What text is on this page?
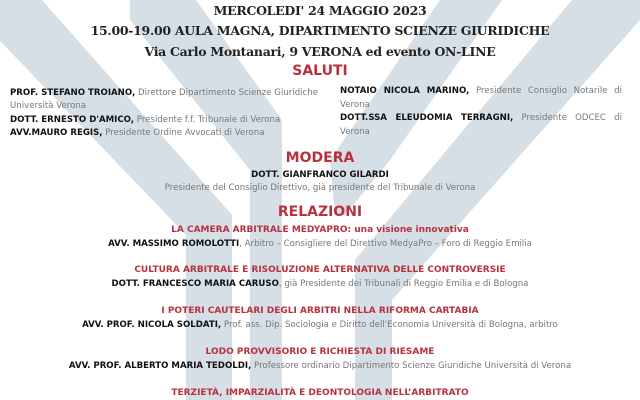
MERCOLEDI' 24 MAGGIO 2023
15.00-19.00 AULA MAGNA, DIPARTIMENTO SCIENZE GIURIDICHE
Via Carlo Montanari, 9 VERONA ed evento ON-LINE
SALUTI
PROF. STEFANO TROIANO, Direttore Dipartimento Scienze Giuridiche
Università Verona
DOTT. ERNESTO D'AMICO, Presidente f.f. Tribunale di Verona
AVV.MAURO REGIS, Presidente Ordine Avvocati di Verona
NOTAIO NICOLA MARINO, Presidente Consiglio Notarile di Verona
DOTT.SSA ELEUDOMIA TERRAGNI, Presidente ODCEC di Verona
MODERA
DOTT. GIANFRANCO GILARDI
Presidente del Consiglio Direttivo, già presidente del Tribunale di Verona
RELAZIONI
LA CAMERA ARBITRALE MEDYAPRO: una visione innovativa
AVV. MASSIMO ROMOLOTTI, Arbitro – Consigliere del Direttivo MedyaPro – Foro di Reggio Emilia
CULTURA ARBITRALE E RISOLUZIONE ALTERNATIVA DELLE CONTROVERSIE
DOTT. FRANCESCO MARIA CARUSO, già Presidente dei Tribunali di Reggio Emilia e di Bologna
I POTERI CAUTELARI DEGLI ARBITRI NELLA RIFORMA CARTABIA
AVV. PROF. NICOLA SOLDATI, Prof. ass. Dip. Sociologia e Diritto dell'Economia Università di Bologna, arbitro
LODO PROVVISORIO E RICHIESTA DI RIESAME
AVV. PROF. ALBERTO MARIA TEDOLDI, Professore ordinario Dipartimento Scienze Giuridiche Università di Verona
TERZIETÀ, IMPARZIALITÀ E DEONTOLOGIA NELL’ARBITRATO
